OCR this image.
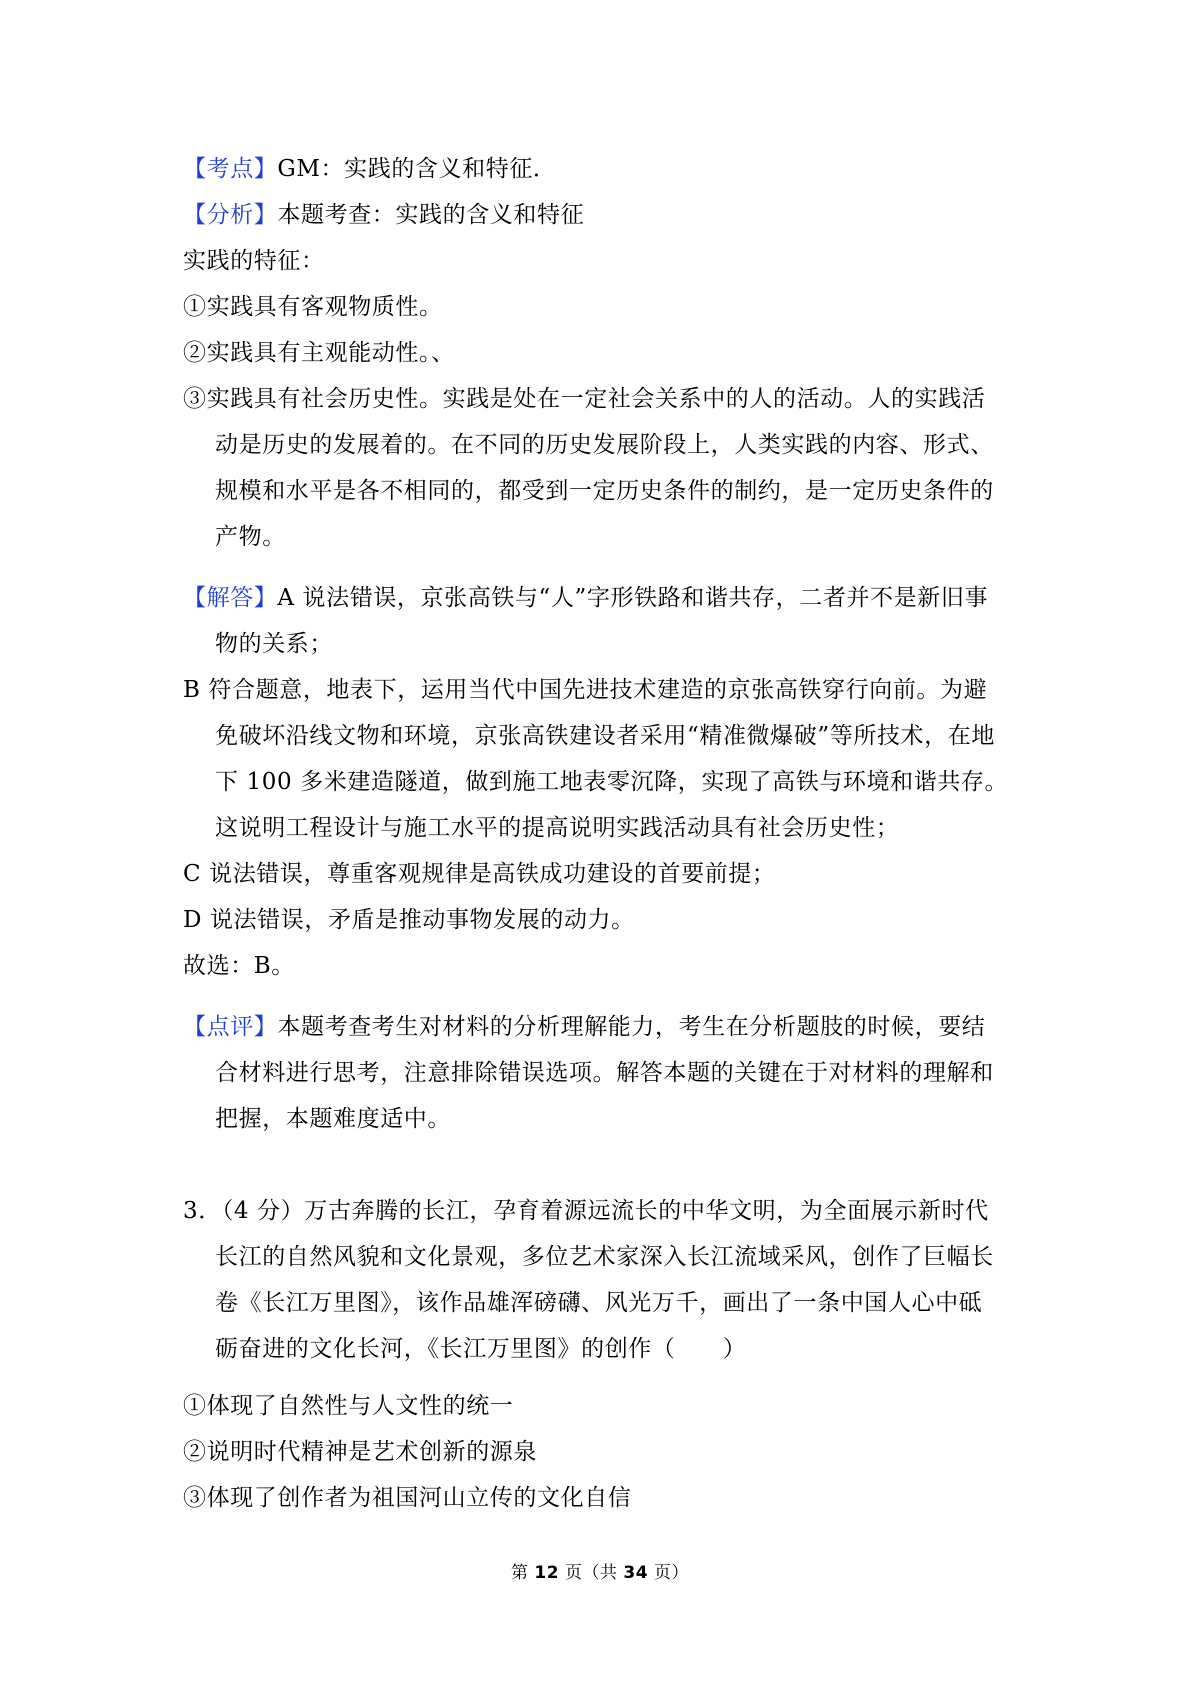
【考点】GM：实践的含义和特征．
【分析】本题考查：实践的含义和特征
实践的特征：
①实践具有客观物质性。
②实践具有主观能动性。、
③实践具有社会历史性。实践是处在一定社会关系中的人的活动。人的实践活
动是历史的发展着的。在不同的历史发展阶段上，人类实践的内容、形式、
规模和水平是各不相同的，都受到一定历史条件的制约，是一定历史条件的
产物。
【解答】A 说法错误，京张高铁与“人”字形铁路和谐共存，二者并不是新旧事
物的关系；
B 符合题意，地表下，运用当代中国先进技术建造的京张高铁穿行向前。为避
免破坏沿线文物和环境，京张高铁建设者采用“精准微爆破”等所技术，在地
下 100 多米建造隧道，做到施工地表零沉降，实现了高铁与环境和谐共存。
这说明工程设计与施工水平的提高说明实践活动具有社会历史性；
C 说法错误，尊重客观规律是高铁成功建设的首要前提；
D 说法错误，矛盾是推动事物发展的动力。
故选：B。
【点评】本题考查考生对材料的分析理解能力，考生在分析题肢的时候，要结
合材料进行思考，注意排除错误选项。解答本题的关键在于对材料的理解和
把握，本题难度适中。
3．（4 分）万古奔腾的长江，孕育着源远流长的中华文明，为全面展示新时代
长江的自然风貌和文化景观，多位艺术家深入长江流域采风，创作了巨幅长
卷《长江万里图》，该作品雄浑磅礴、风光万千，画出了一条中国人心中砥
砺奋进的文化长河，《长江万里图》的创作（　　）
①体现了自然性与人文性的统一
②说明时代精神是艺术创新的源泉
③体现了创作者为祖国河山立传的文化自信
第 12 页（共 34 页）
